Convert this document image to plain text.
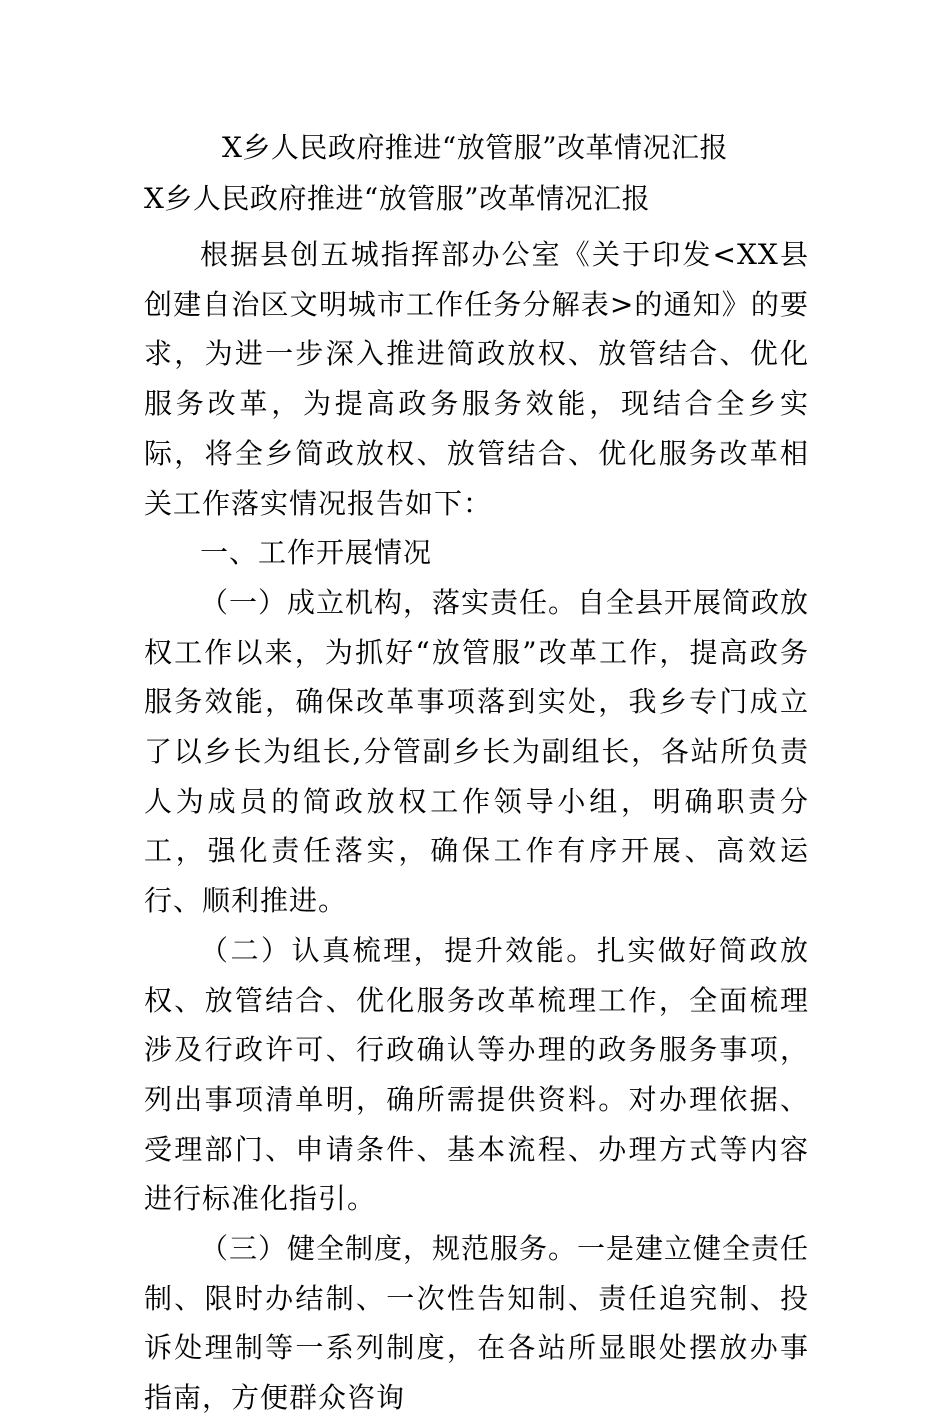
X乡人民政府推进“放管服”改革情况汇报

X乡人民政府推进“放管服”改革情况汇报

根据县创五城指挥部办公室《关于印发<XX县创建自治区文明城市工作任务分解表>的通知》的要求，为进一步深入推进简政放权、放管结合、优化服务改革，为提高政务服务效能，现结合全乡实际，将全乡简政放权、放管结合、优化服务改革相关工作落实情况报告如下：

一、工作开展情况

（一）成立机构，落实责任。自全县开展简政放权工作以来，为抓好“放管服”改革工作，提高政务服务效能，确保改革事项落到实处，我乡专门成立了以乡长为组长,分管副乡长为副组长，各站所负责人为成员的简政放权工作领导小组，明确职责分工，强化责任落实，确保工作有序开展、高效运行、顺利推进。

（二）认真梳理，提升效能。扎实做好简政放权、放管结合、优化服务改革梳理工作，全面梳理涉及行政许可、行政确认等办理的政务服务事项，列出事项清单明，确所需提供资料。对办理依据、受理部门、申请条件、基本流程、办理方式等内容进行标准化指引。

（三）健全制度，规范服务。一是建立健全责任制、限时办结制、一次性告知制、责任追究制、投诉处理制等一系列制度，在各站所显眼处摆放办事指南，方便群众咨询
